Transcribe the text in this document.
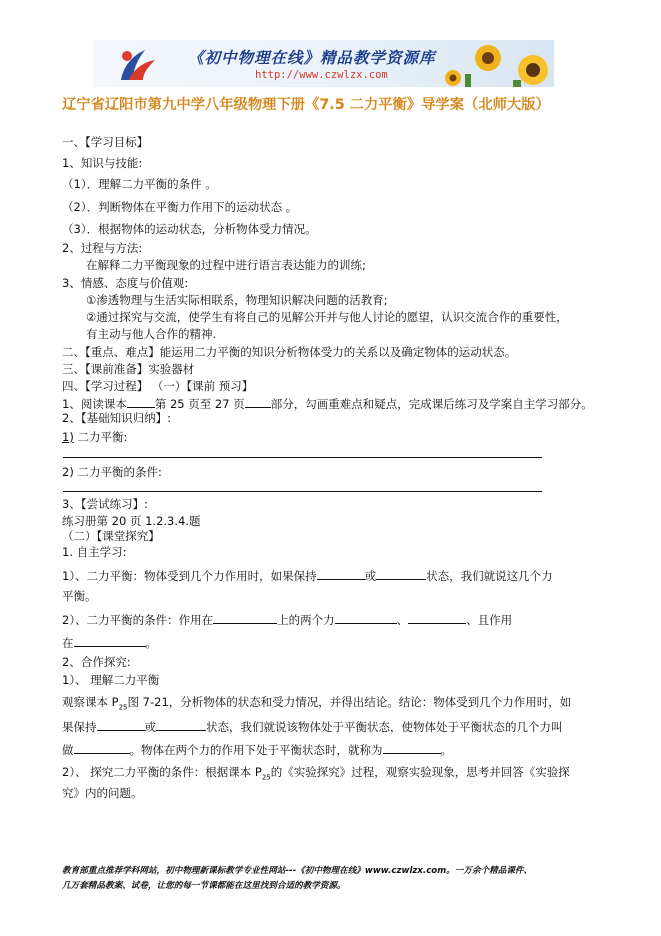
《初中物理在线》精品教学资源库
http://www.czwlzx.com
辽宁省辽阳市第九中学八年级物理下册《7.5 二力平衡》导学案（北师大版）
一、【学习目标】
1、知识与技能:
（1）．理解二力平衡的条件 。
（2）．判断物体在平衡力作用下的运动状态 。
（3）．根据物体的运动状态，分析物体受力情况。
2、过程与方法:
在解释二力平衡现象的过程中进行语言表达能力的训练;
3、情感、态度与价值观:
①渗透物理与生活实际相联系，物理知识解决问题的活教育;
②通过探究与交流，使学生有将自己的见解公开并与他人讨论的愿望，认识交流合作的重要性，
有主动与他人合作的精神.
二、【重点、难点】能运用二力平衡的知识分析物体受力的关系以及确定物体的运动状态。
三、【课前准备】实验器材
四、【学习过程】 （一）【课前 预习】
1、阅读课本 第 25 页至 27 页 部分，勾画重难点和疑点，完成课后练习及学案自主学习部分。
2、【基础知识归纳】:
1) 二力平衡:
2) 二力平衡的条件:
3、【尝试练习】:
练习册第 20 页 1.2.3.4.题
（二）【课堂探究】
1. 自主学习:
1）、二力平衡：物体受到几个力作用时，如果保持	或	状态，我们就说这几个力
平衡。
2）、二力平衡的条件：作用在	上的两个力	、	、且作用
在	。
2、合作探究:
1）、 理解二力平衡
观察课本 $P_{25}$图 7-21，分析物体的状态和受力情况，并得出结论。结论：物体受到几个力作用时，如
果保持	或	状态，我们就说该物体处于平衡状态，使物体处于平衡状态的几个力叫
做	。物体在两个力的作用下处于平衡状态时，就称为	。
2）、 探究二力平衡的条件：根据课本 $P_{25}$的《实验探究》过程，观察实验现象，思考并回答《实验探
究》内的问题。
教育部重点推荐学科网站，初中物理新课标教学专业性网站---《初中物理在线》www.czwlzx.com。一万余个精品课件、
几万套精品教案、试卷，让您的每一节课都能在这里找到合适的教学资源。
